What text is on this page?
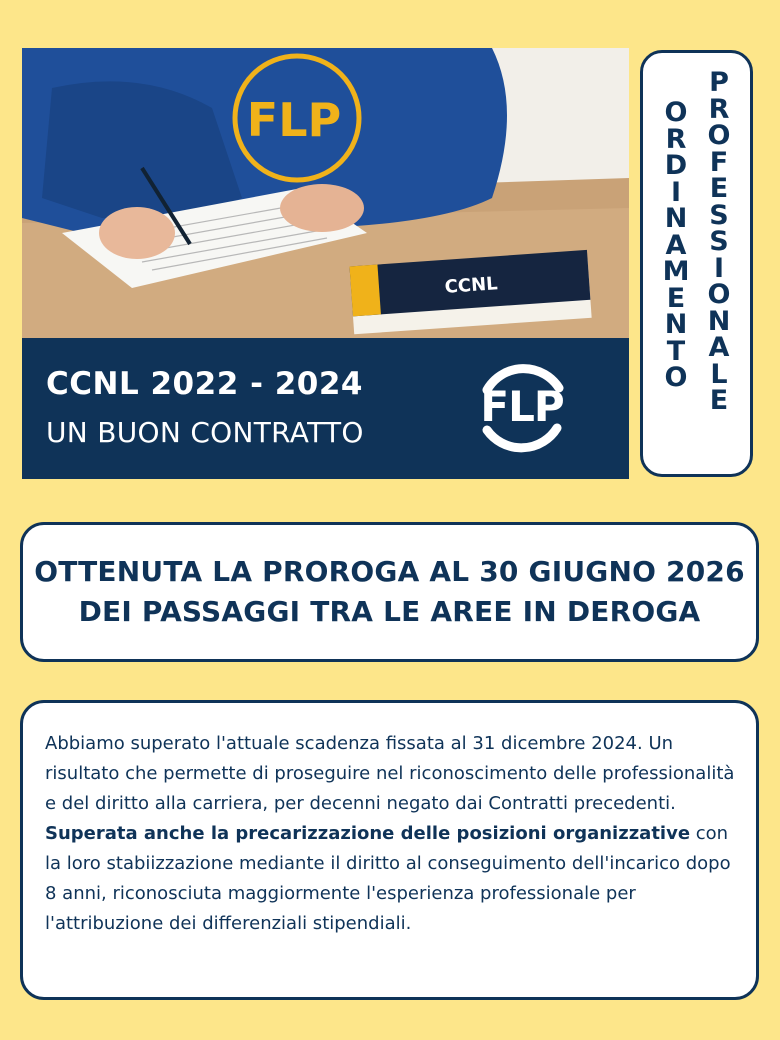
FLP
CCNL
CCNL 2022 - 2024
UN BUON CONTRATTO
FLP
O
R
D
I
N
A
M
E
N
T
O
P
R
O
F
E
S
S
I
O
N
A
L
E
OTTENUTA LA PROROGA AL 30 GIUGNO 2026
DEI PASSAGGI TRA LE AREE IN DEROGA

Abbiamo superato l'attuale scadenza fissata al 31 dicembre 2024. Un risultato che permette di proseguire nel riconoscimento delle professionalità e del diritto alla carriera, per decenni negato dai Contratti precedenti.

Superata anche la precarizzazione delle posizioni organizzative con la loro stabiizzazione mediante il diritto al conseguimento dell'incarico dopo 8 anni, riconosciuta maggiormente l'esperienza professionale per l'attribuzione dei differenziali stipendiali.
